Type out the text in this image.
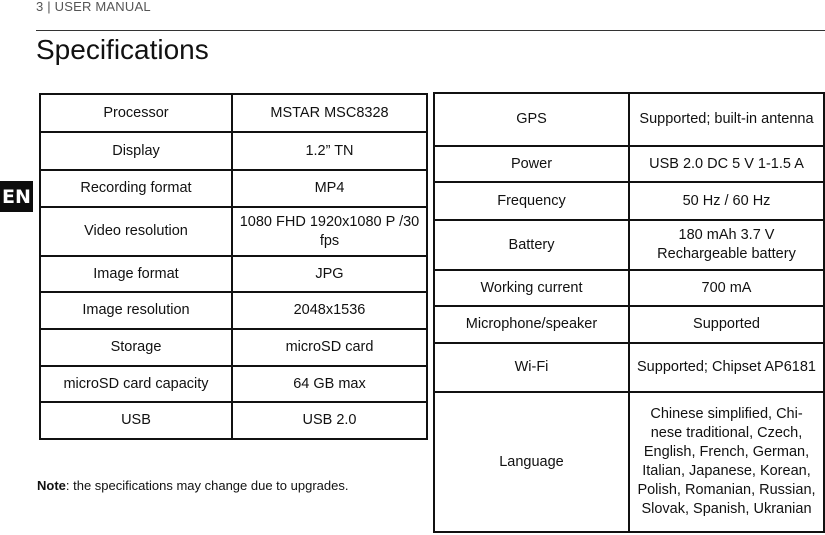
3 | USER MANUAL
Specifications
EN
Processor	MSTAR MSC8328
Display	1.2” TN
Recording format	MP4
Video resolution	1080 FHD 1920x1080 P /30 fps
Image format	JPG
Image resolution	2048x1536
Storage	microSD card
microSD card capacity	64 GB max
USB	USB 2.0
GPS	Supported; built-in antenna
Power	USB 2.0 DC 5 V 1-1.5 A
Frequency	50 Hz / 60 Hz
Battery	180 mAh 3.7 V Rechargeable battery
Working current	700 mA
Microphone/speaker	Supported
Wi-Fi	Supported; Chipset AP6181
Language	Chinese simplified, Chi-nese traditional, Czech, English, French, German, Italian, Japanese, Korean, Polish, Romanian, Russian, Slovak, Spanish, Ukranian
Note: the specifications may change due to upgrades.
